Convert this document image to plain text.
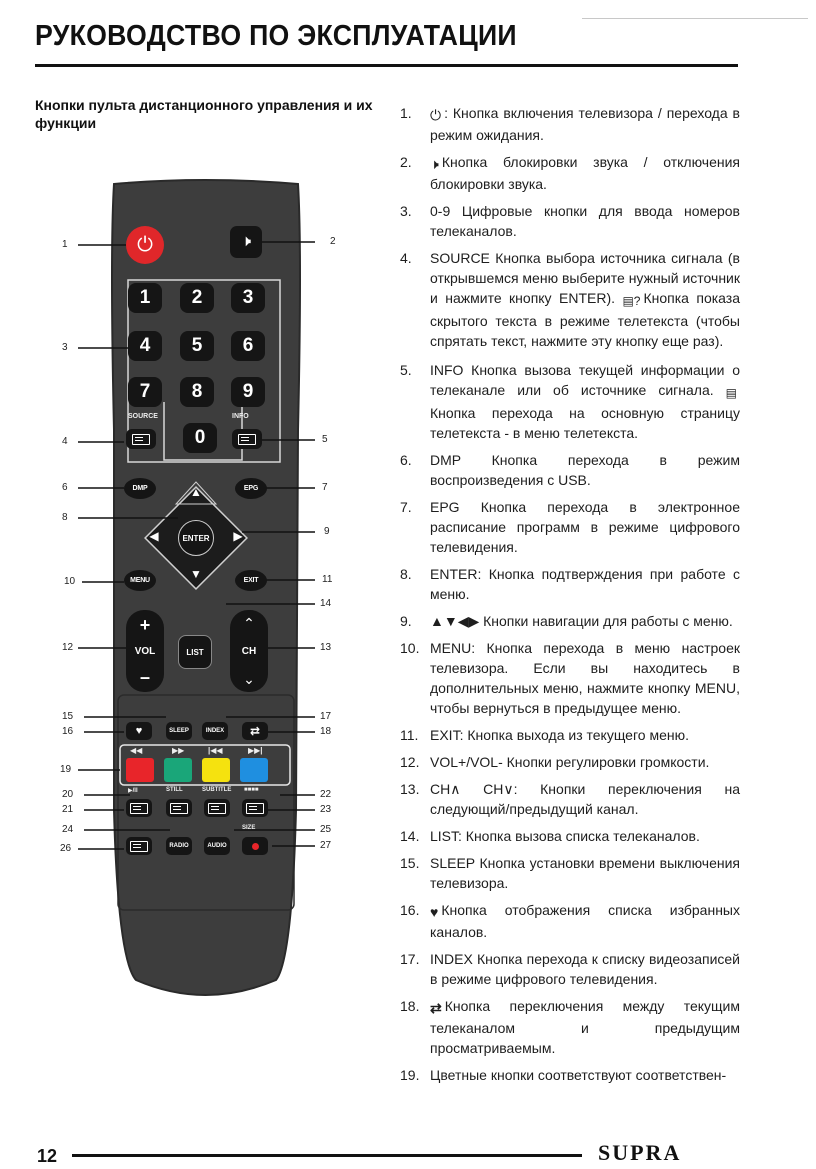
РУКОВОДСТВО ПО ЭКСПЛУАТАЦИИ

Кнопки пульта дистанционного управления и их функции

⏻	🕨
1	2	3
4	5	6
7	8	9
0
SOURCE	INFO
DMP	EPG
▲
◀	▶
▼
ENTER
MENU	EXIT
+
VOL
–
LIST
⌃
CH
⌄
♥	SLEEP	INDEX	⇄
◀◀	▶▶	|◀◀	▶▶|
▶/II	STILL	SUBTITLE ■■■■
SIZE
RADIO	AUDIO
1	2
3
4	5
6	7
8
9
10	11
14
12	13
15	17
16	18
19
20	22
21	23
24	25
26	27
1. ⏻ : Кнопка включения телевизора / перехода в режим ожидания.
2. 🕨 Кнопка блокировки звука / отключения блокировки звука.
3. 0-9 Цифровые кнопки для ввода номеров телеканалов.
4. SOURCE Кнопка выбора источника сигнала (в открывшемся меню выберите нужный источник и нажмите кнопку ENTER). ▤? Кнопка показа скрытого текста в режиме телетекста (чтобы спрятать текст, нажмите эту кнопку еще раз).
5. INFO Кнопка вызова текущей информации о телеканале или об источнике сигнала. ▤Кнопка перехода на основную страницу телетекста - в меню телетекста.
6. DMP Кнопка перехода в режим воспроизведения с USB.
7. EPG Кнопка перехода в электронное расписание программ в режиме цифрового телевидения.
8. ENTER: Кнопка подтверждения при работе с меню.
9. ▲▼◀▶ Кнопки навигации для работы с меню.
10. MENU: Кнопка перехода в меню настроек телевизора. Если вы находитесь в дополнительных меню, нажмите кнопку MENU, чтобы вернуться в предыдущее меню.
11. EXIT: Кнопка выхода из текущего меню.
12. VOL+/VOL- Кнопки регулировки громкости.
13. CH∧ CH∨: Кнопки переключения на следующий/предыдущий канал.
14. LIST: Кнопка вызова списка телеканалов.
15. SLEEP Кнопка установки времени выключения телевизора.
16. ♥ Кнопка отображения списка избранных каналов.
17. INDEX Кнопка перехода к списку видеозаписей в режиме цифрового телевидения.
18. ⇄ Кнопка переключения между текущим телеканалом и предыдущим просматриваемым.
19. Цветные кнопки соответствуют соответствен-
12	SUPRA
